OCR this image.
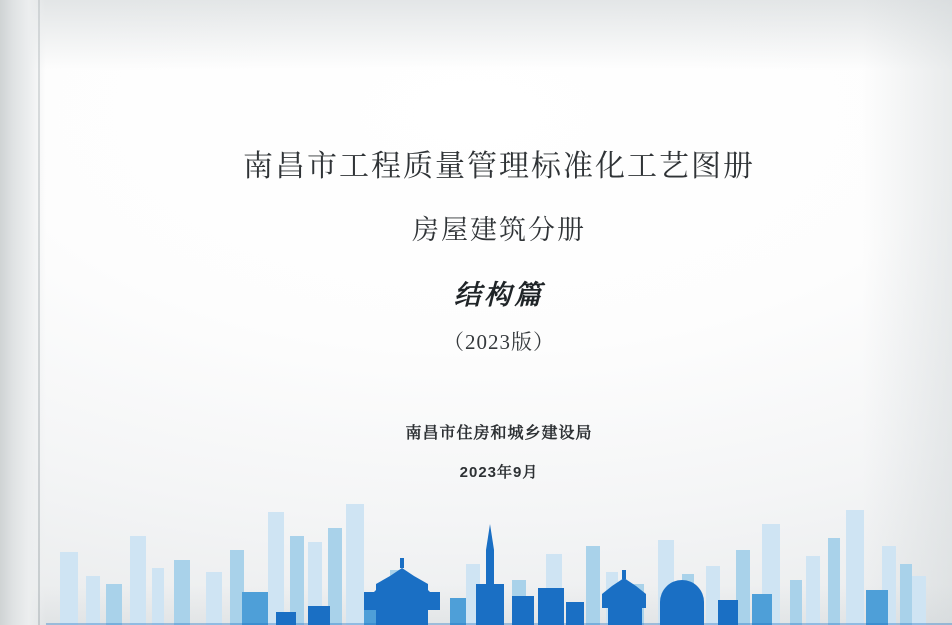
南昌市工程质量管理标准化工艺图册
房屋建筑分册
结构篇
（2023版）
南昌市住房和城乡建设局
2023年9月
